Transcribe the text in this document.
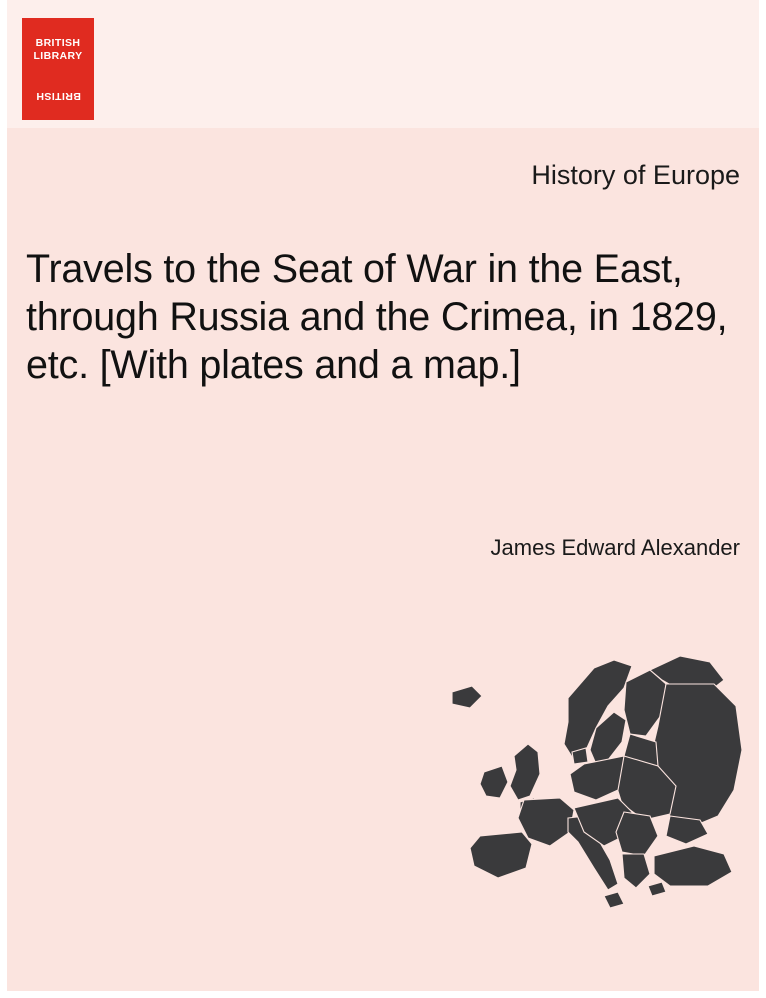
BRITISH
LIBRARY
BRITISH
History of Europe
Travels to the Seat of War in the East, through Russia and the Crimea, in 1829, etc. [With plates and a map.]
James Edward Alexander
